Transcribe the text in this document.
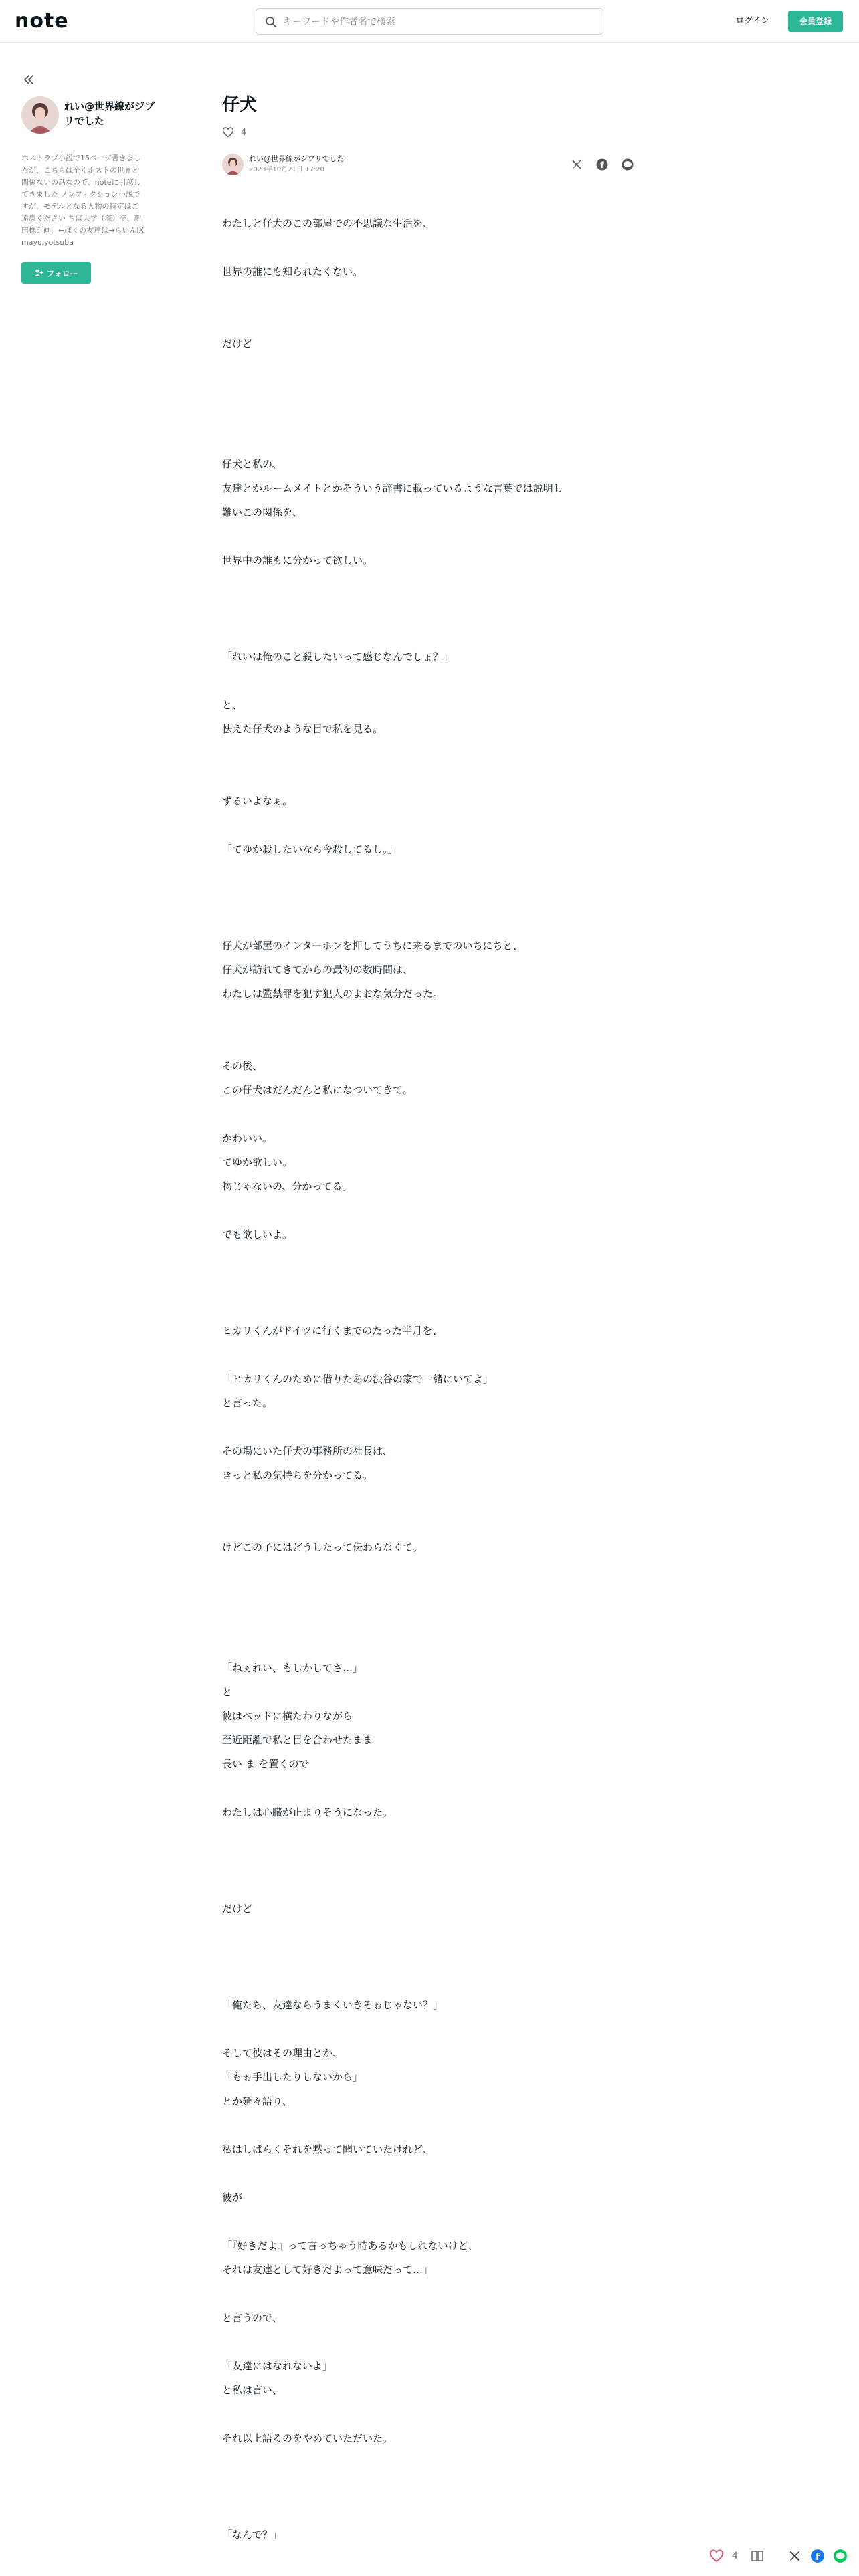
note
キーワードや作者名で検索	ログイン	会員登録
れい@世界線がジブリでした
ホストラブ小説で15ページ書きましたが、こちらは全くホストの世界と関係ないの話なので、noteに引越してきました ノンフィクション小説ですが、モデルとなる人物の特定はご遠慮ください ちば大学（流）卒、新巴株計画、←ぼくの友達は→らいんIX mayo.yotsuba
フォロー
仔犬
4
れい@世界線がジブリでした
2023年10月21日 17:20	f
わたしと仔犬のこの部屋での不思議な生活を、
世界の誰にも知られたくない。
だけど
仔犬と私の、
友達とかルームメイトとかそういう辞書に載っているような言葉では説明し
難いこの関係を、
世界中の誰もに分かって欲しい。
「れいは俺のこと殺したいって感じなんでしょ？」
と、
怯えた仔犬のような目で私を見る。
ずるいよなぁ。
「てゆか殺したいなら今殺してるし。」
仔犬が部屋のインターホンを押してうちに来るまでのいちにちと、
仔犬が訪れてきてからの最初の数時間は、
わたしは監禁罪を犯す犯人のよおな気分だった。
その後、
この仔犬はだんだんと私になついてきて。
かわいい。
てゆか欲しい。
物じゃないの、分かってる。
でも欲しいよ。
ヒカリくんがドイツに行くまでのたった半月を、
「ヒカリくんのために借りたあの渋谷の家で一緒にいてよ」
と言った。
その場にいた仔犬の事務所の社長は、
きっと私の気持ちを分かってる。
けどこの子にはどうしたって伝わらなくて。
「ねぇれい、もしかしてさ…」
と
彼はベッドに横たわりながら
至近距離で私と目を合わせたまま
長い ま を置くので
わたしは心臓が止まりそうになった。
だけど
「俺たち、友達ならうまくいきそぉじゃない？」
そして彼はその理由とか、
「もぉ手出したりしないから」
とか延々語り、
私はしばらくそれを黙って聞いていたけれど、
彼が
「『好きだよ』って言っちゃう時あるかもしれないけど、
それは友達として好きだよって意味だって…」
と言うので、
「友達にはなれないよ」
と私は言い、
それ以上語るのをやめていただいた。
「なんで？」
4	f
